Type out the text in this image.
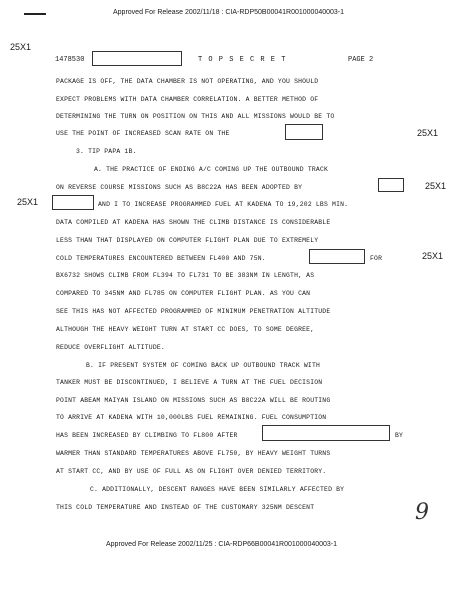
Approved For Release 2002/11/18 : CIA-RDP50B00041R001000040003-1
25X1
1478530	T O P S E C R E T	PAGE 2
PACKAGE IS OFF, THE DATA CHAMBER IS NOT OPERATING, AND YOU SHOULD
EXPECT PROBLEMS WITH DATA CHAMBER CORRELATION. A BETTER METHOD OF
DETERMINING THE TURN ON POSITION ON THIS AND ALL MISSIONS WOULD BE TO
USE THE POINT OF INCREASED SCAN RATE ON THE	25X1
3. TIP PAPA 1B.
A. THE PRACTICE OF ENDING A/C COMING UP THE OUTBOUND TRACK
ON REVERSE COURSE MISSIONS SUCH AS B8C22A HAS BEEN ADOPTED BY	25X1
25X1	AND I TO INCREASE PROGRAMMED FUEL AT KADENA TO 19,202 LBS MIN.
DATA COMPILED AT KADENA HAS SHOWN THE CLIMB DISTANCE IS CONSIDERABLE
LESS THAN THAT DISPLAYED ON COMPUTER FLIGHT PLAN DUE TO EXTREMELY
COLD TEMPERATURES ENCOUNTERED BETWEEN FL400 AND 75N.	FOR	25X1
BX6732 SHOWS CLIMB FROM FL394 TO FL731 TO BE 383NM IN LENGTH, AS
COMPARED TO 345NM AND FL785 ON COMPUTER FLIGHT PLAN. AS YOU CAN
SEE THIS HAS NOT AFFECTED PROGRAMMED OF MINIMUM PENETRATION ALTITUDE
ALTHOUGH THE HEAVY WEIGHT TURN AT START CC DOES, TO SOME DEGREE,
REDUCE OVERFLIGHT ALTITUDE.
B. IF PRESENT SYSTEM OF COMING BACK UP OUTBOUND TRACK WITH
TANKER MUST BE DISCONTINUED, I BELIEVE A TURN AT THE FUEL DECISION
POINT ABEAM MAIYAN ISLAND ON MISSIONS SUCH AS B8C22A WILL BE ROUTING
TO ARRIVE AT KADENA WITH 10,000LBS FUEL REMAINING. FUEL CONSUMPTION
HAS BEEN INCREASED BY CLIMBING TO FL800 AFTER	BY
WARMER THAN STANDARD TEMPERATURES ABOVE FL750, BY HEAVY WEIGHT TURNS
AT START CC, AND BY USE OF FULL AS ON FLIGHT OVER DENIED TERRITORY.
C. ADDITIONALLY, DESCENT RANGES HAVE BEEN SIMILARLY AFFECTED BY
THIS COLD TEMPERATURE AND INSTEAD OF THE CUSTOMARY 325NM DESCENT	9
Approved For Release 2002/11/25 : CIA-RDP66B00041R001000040003-1
